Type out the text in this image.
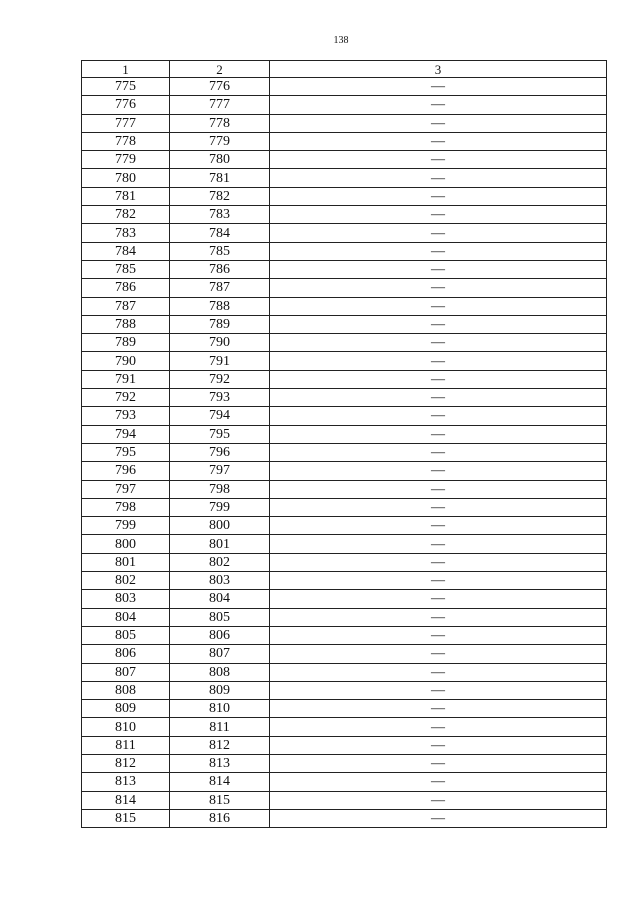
138
1	2	3
775	776	—
776	777	—
777	778	—
778	779	—
779	780	—
780	781	—
781	782	—
782	783	—
783	784	—
784	785	—
785	786	—
786	787	—
787	788	—
788	789	—
789	790	—
790	791	—
791	792	—
792	793	—
793	794	—
794	795	—
795	796	—
796	797	—
797	798	—
798	799	—
799	800	—
800	801	—
801	802	—
802	803	—
803	804	—
804	805	—
805	806	—
806	807	—
807	808	—
808	809	—
809	810	—
810	811	—
811	812	—
812	813	—
813	814	—
814	815	—
815	816	—
